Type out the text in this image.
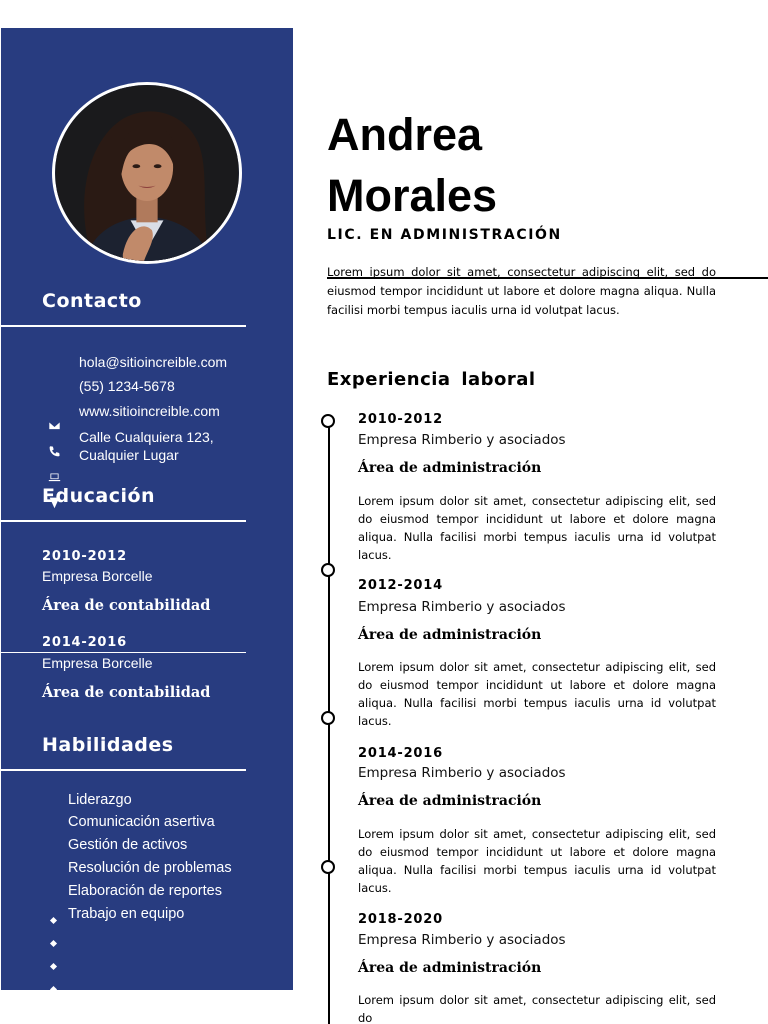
Contacto
hola@sitioincreible.com
(55) 1234-5678
www.sitioincreible.com
Calle Cualquiera 123,
Cualquier Lugar
Educación
2010-2012
Empresa Borcelle
Área de contabilidad
2014-2016
Empresa Borcelle
Área de contabilidad
Habilidades
Liderazgo
Comunicación asertiva
Gestión de activos
Resolución de problemas
Elaboración de reportes
Trabajo en equipo
Andrea
Morales
LIC. EN ADMINISTRACIÓN
Lorem ipsum dolor sit amet, consectetur adipiscing elit, sed do eiusmod tempor incididunt ut labore et dolore magna aliqua. Nulla facilisi morbi tempus iaculis urna id volutpat lacus.
Experiencia laboral
2010-2012
Empresa Rimberio y asociados
Área de administración
Lorem ipsum dolor sit amet, consectetur adipiscing elit, sed do eiusmod tempor incididunt ut labore et dolore magna aliqua. Nulla facilisi morbi tempus iaculis urna id volutpat lacus.
2012-2014
Empresa Rimberio y asociados
Área de administración
Lorem ipsum dolor sit amet, consectetur adipiscing elit, sed do eiusmod tempor incididunt ut labore et dolore magna aliqua. Nulla facilisi morbi tempus iaculis urna id volutpat lacus.
2014-2016
Empresa Rimberio y asociados
Área de administración
Lorem ipsum dolor sit amet, consectetur adipiscing elit, sed do eiusmod tempor incididunt ut labore et dolore magna aliqua. Nulla facilisi morbi tempus iaculis urna id volutpat lacus.
2018-2020
Empresa Rimberio y asociados
Área de administración
Lorem ipsum dolor sit amet, consectetur adipiscing elit, sed do
